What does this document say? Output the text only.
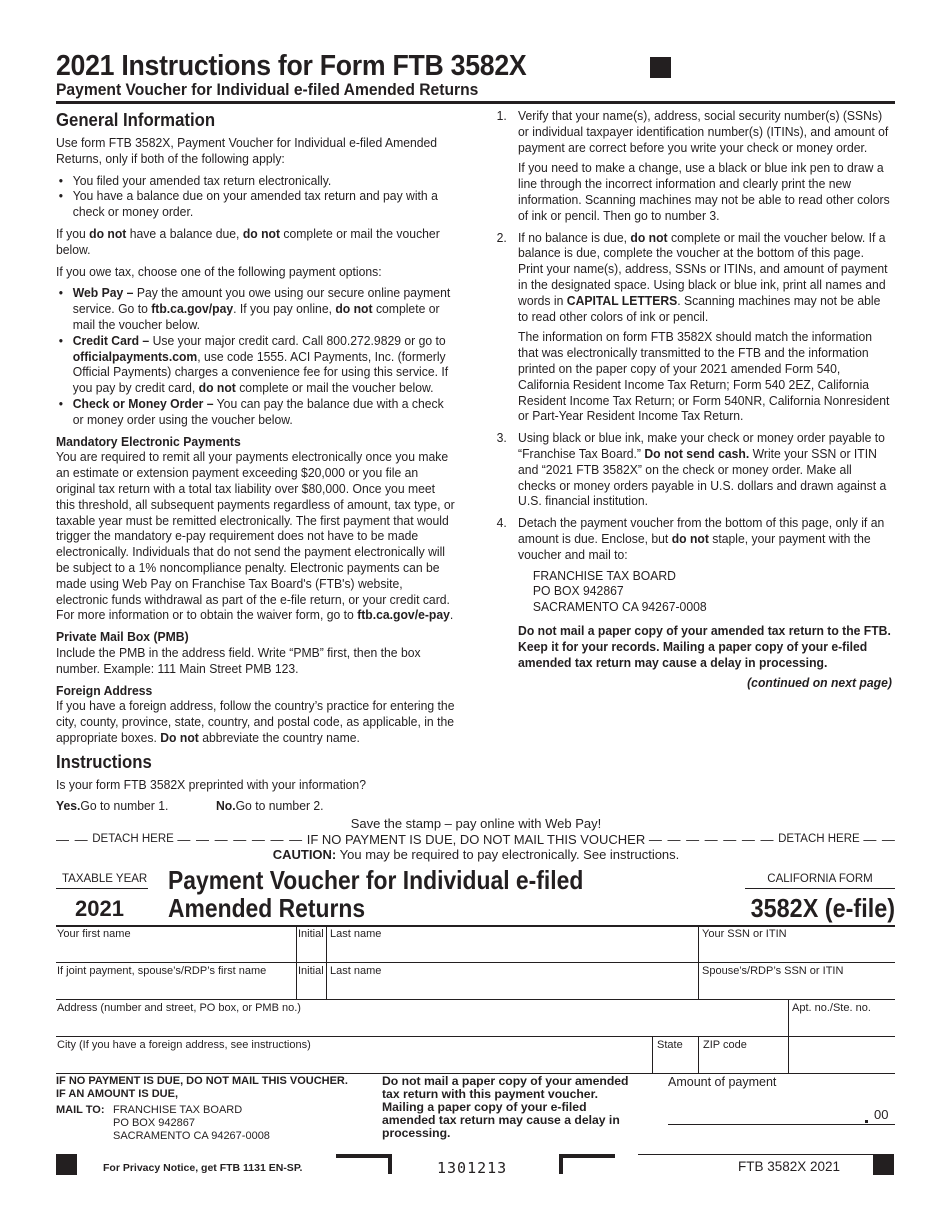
2021 Instructions for Form FTB 3582X
Payment Voucher for Individual e-filed Amended Returns
General Information

Use form FTB 3582X, Payment Voucher for Individual e-filed Amended Returns, only if both of the following apply:

• You filed your amended tax return electronically.
• You have a balance due on your amended tax return and pay with a check or money order.

If you do not have a balance due, do not complete or mail the voucher below.

If you owe tax, choose one of the following payment options:

• Web Pay – Pay the amount you owe using our secure online payment service. Go to ftb.ca.gov/pay. If you pay online, do not complete or mail the voucher below.
• Credit Card – Use your major credit card. Call 800.272.9829 or go to officialpayments.com, use code 1555. ACI Payments, Inc. (formerly Official Payments) charges a convenience fee for using this service. If you pay by credit card, do not complete or mail the voucher below.
• Check or Money Order – You can pay the balance due with a check or money order using the voucher below.
Mandatory Electronic Payments

You are required to remit all your payments electronically once you make an estimate or extension payment exceeding $20,000 or you file an original tax return with a total tax liability over $80,000. Once you meet this threshold, all subsequent payments regardless of amount, tax type, or taxable year must be remitted electronically. The first payment that would trigger the mandatory e-pay requirement does not have to be made electronically. Individuals that do not send the payment electronically will be subject to a 1% noncompliance penalty. Electronic payments can be made using Web Pay on Franchise Tax Board's (FTB's) website, electronic funds withdrawal as part of the e-file return, or your credit card. For more information or to obtain the waiver form, go to ftb.ca.gov/e-pay.

Private Mail Box (PMB)

Include the PMB in the address field. Write “PMB” first, then the box number. Example: 111 Main Street PMB 123.

Foreign Address

If you have a foreign address, follow the country’s practice for entering the city, county, province, state, country, and postal code, as applicable, in the appropriate boxes. Do not abbreviate the country name.

Instructions

Is your form FTB 3582X preprinted with your information?

Yes.Go to number 1.	No.Go to number 2.
1. Verify that your name(s), address, social security number(s) (SSNs) or individual taxpayer identification number(s) (ITINs), and amount of payment are correct before you write your check or money order.

If you need to make a change, use a black or blue ink pen to draw a line through the incorrect information and clearly print the new information. Scanning machines may not be able to read other colors of ink or pencil. Then go to number 3.

2. If no balance is due, do not complete or mail the voucher below. If a balance is due, complete the voucher at the bottom of this page. Print your name(s), address, SSNs or ITINs, and amount of payment in the designated space. Using black or blue ink, print all names and words in CAPITAL LETTERS. Scanning machines may not be able to read other colors of ink or pencil.

The information on form FTB 3582X should match the information that was electronically transmitted to the FTB and the information printed on the paper copy of your 2021 amended Form 540, California Resident Income Tax Return; Form 540 2EZ, California Resident Income Tax Return; or Form 540NR, California Nonresident or Part-Year Resident Income Tax Return.

3. Using black or blue ink, make your check or money order payable to “Franchise Tax Board.” Do not send cash. Write your SSN or ITIN and “2021 FTB 3582X” on the check or money order. Make all checks or money orders payable in U.S. dollars and drawn against a U.S. financial institution.

4. Detach the payment voucher from the bottom of this page, only if an amount is due. Enclose, but do not staple, your payment with the voucher and mail to:

FRANCHISE TAX BOARD
PO BOX 942867
SACRAMENTO CA 94267-0008

Do not mail a paper copy of your amended tax return to the FTB. Keep it for your records. Mailing a paper copy of your e-filed amended tax return may cause a delay in processing.

(continued on next page)

Save the stamp – pay online with Web Pay!
— — DETACH HERE — — — — — — — IF NO PAYMENT IS DUE, DO NOT MAIL THIS VOUCHER — — — — — — — DETACH HERE — —
CAUTION: You may be required to pay electronically. See instructions.
TAXABLE YEAR
2021
Payment Voucher for Individual e-filed
Amended Returns
CALIFORNIA FORM
3582X (e-file)
Your first name	Initial Last name	Your SSN or ITIN
If joint payment, spouse’s/RDP’s first name	Initial Last name	Spouse’s/RDP’s SSN or ITIN
Address (number and street, PO box, or PMB no.)	Apt. no./Ste. no.
City (If you have a foreign address, see instructions)	State ZIP code
IF NO PAYMENT IS DUE, DO NOT MAIL THIS VOUCHER.
IF AN AMOUNT IS DUE,
MAIL TO: FRANCHISE TAX BOARD
PO BOX 942867
SACRAMENTO CA 94267-0008
Do not mail a paper copy of your amended tax return with this payment voucher. Mailing a paper copy of your e-filed amended tax return may cause a delay in processing.
Amount of payment
00
For Privacy Notice, get FTB 1131 EN-SP.	1301213	FTB 3582X 2021
